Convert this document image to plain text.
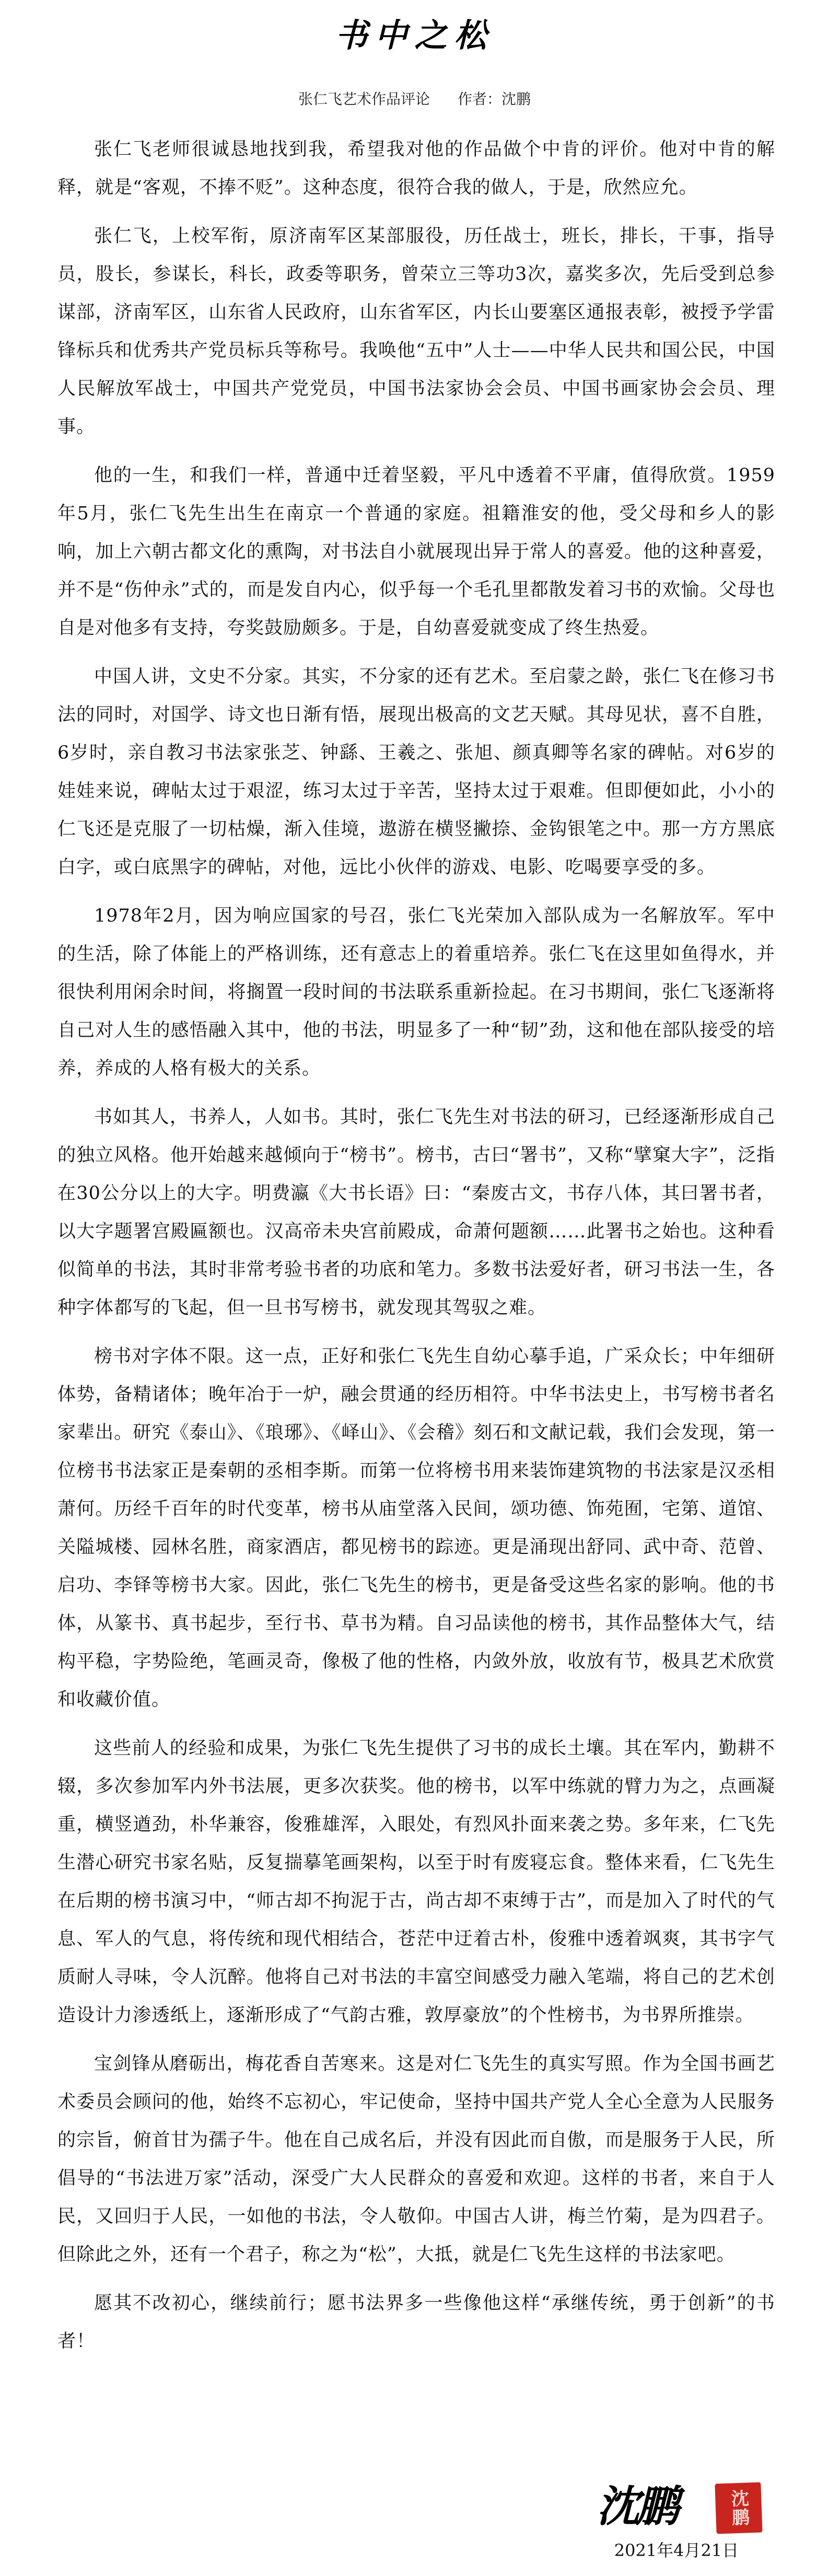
书中之松
张仁飞艺术作品评论 作者：沈鹏

张仁飞老师很诚恳地找到我，希望我对他的作品做个中肯的评价。他对中肯的解释，就是“客观，不捧不贬”。这种态度，很符合我的做人，于是，欣然应允。

张仁飞，上校军衔，原济南军区某部服役，历任战士，班长，排长，干事，指导员，股长，参谋长，科长，政委等职务，曾荣立三等功3次，嘉奖多次，先后受到总参谋部，济南军区，山东省人民政府，山东省军区，内长山要塞区通报表彰，被授予学雷锋标兵和优秀共产党员标兵等称号。我唤他“五中”人士——中华人民共和国公民，中国人民解放军战士，中国共产党党员，中国书法家协会会员、中国书画家协会会员、理事。

他的一生，和我们一样，普通中迁着坚毅，平凡中透着不平庸，值得欣赏。1959年5月，张仁飞先生出生在南京一个普通的家庭。祖籍淮安的他，受父母和乡人的影响，加上六朝古都文化的熏陶，对书法自小就展现出异于常人的喜爱。他的这种喜爱，并不是“伤仲永”式的，而是发自内心，似乎每一个毛孔里都散发着习书的欢愉。父母也自是对他多有支持，夸奖鼓励颇多。于是，自幼喜爱就变成了终生热爱。

中国人讲，文史不分家。其实，不分家的还有艺术。至启蒙之龄，张仁飞在修习书法的同时，对国学、诗文也日渐有悟，展现出极高的文艺天赋。其母见状，喜不自胜，6岁时，亲自教习书法家张芝、钟繇、王羲之、张旭、颜真卿等名家的碑帖。对6岁的娃娃来说，碑帖太过于艰涩，练习太过于辛苦，坚持太过于艰难。但即便如此，小小的仁飞还是克服了一切枯燥，渐入佳境，遨游在横竖撇捺、金钩银笔之中。那一方方黑底白字，或白底黑字的碑帖，对他，远比小伙伴的游戏、电影、吃喝要享受的多。

1978年2月，因为响应国家的号召，张仁飞光荣加入部队成为一名解放军。军中的生活，除了体能上的严格训练，还有意志上的着重培养。张仁飞在这里如鱼得水，并很快利用闲余时间，将搁置一段时间的书法联系重新捡起。在习书期间，张仁飞逐渐将自己对人生的感悟融入其中，他的书法，明显多了一种“韧”劲，这和他在部队接受的培养，养成的人格有极大的关系。

书如其人，书养人，人如书。其时，张仁飞先生对书法的研习，已经逐渐形成自己的独立风格。他开始越来越倾向于“榜书”。榜书，古曰“署书”，又称“擘窠大字”，泛指在30公分以上的大字。明费瀛《大书长语》曰：“秦废古文，书存八体，其曰署书者，以大字题署宫殿匾额也。汉高帝未央宫前殿成，命萧何题额……此署书之始也。这种看似简单的书法，其时非常考验书者的功底和笔力。多数书法爱好者，研习书法一生，各种字体都写的飞起，但一旦书写榜书，就发现其驾驭之难。

榜书对字体不限。这一点，正好和张仁飞先生自幼心摹手追，广采众长；中年细研体势，备精诸体；晚年冶于一炉，融会贯通的经历相符。中华书法史上，书写榜书者名家辈出。研究《泰山》、《琅琊》、《峄山》、《会稽》刻石和文献记载，我们会发现，第一位榜书书法家正是秦朝的丞相李斯。而第一位将榜书用来装饰建筑物的书法家是汉丞相萧何。历经千百年的时代变革，榜书从庙堂落入民间，颂功德、饰苑囿，宅第、道馆、关隘城楼、园林名胜，商家酒店，都见榜书的踪迹。更是涌现出舒同、武中奇、范曾、启功、李铎等榜书大家。因此，张仁飞先生的榜书，更是备受这些名家的影响。他的书体，从篆书、真书起步，至行书、草书为精。自习品读他的榜书，其作品整体大气，结构平稳，字势险绝，笔画灵奇，像极了他的性格，内敛外放，收放有节，极具艺术欣赏和收藏价值。

这些前人的经验和成果，为张仁飞先生提供了习书的成长土壤。其在军内，勤耕不辍，多次参加军内外书法展，更多次获奖。他的榜书，以军中练就的臂力为之，点画凝重，横竖遒劲，朴华兼容，俊雅雄浑，入眼处，有烈风扑面来袭之势。多年来，仁飞先生潜心研究书家名贴，反复揣摹笔画架构，以至于时有废寝忘食。整体来看，仁飞先生在后期的榜书演习中，“师古却不拘泥于古，尚古却不束缚于古”，而是加入了时代的气息、军人的气息，将传统和现代相结合，苍茫中迂着古朴，俊雅中透着飒爽，其书字气质耐人寻味，令人沉醉。他将自己对书法的丰富空间感受力融入笔端，将自己的艺术创造设计力渗透纸上，逐渐形成了“气韵古雅，敦厚豪放”的个性榜书，为书界所推崇。

宝剑锋从磨砺出，梅花香自苦寒来。这是对仁飞先生的真实写照。作为全国书画艺术委员会顾问的他，始终不忘初心，牢记使命，坚持中国共产党人全心全意为人民服务的宗旨，俯首甘为孺子牛。他在自己成名后，并没有因此而自傲，而是服务于人民，所倡导的“书法进万家”活动，深受广大人民群众的喜爱和欢迎。这样的书者，来自于人民，又回归于人民，一如他的书法，令人敬仰。中国古人讲，梅兰竹菊，是为四君子。但除此之外，还有一个君子，称之为“松”，大抵，就是仁飞先生这样的书法家吧。

愿其不改初心，继续前行；愿书法界多一些像他这样“承继传统，勇于创新”的书者！

沈鹏	沈鹏
2021年4月21日
